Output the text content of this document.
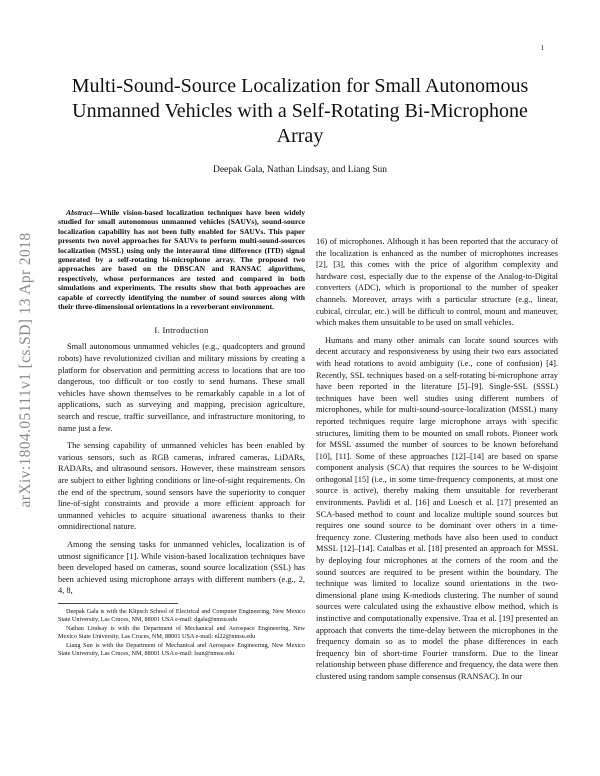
1
arXiv:1804.05111v1 [cs.SD] 13 Apr 2018
Multi-Sound-Source Localization for Small Autonomous Unmanned Vehicles with a Self-Rotating Bi-Microphone Array
Deepak Gala, Nathan Lindsay, and Liang Sun

Abstract—While vision-based localization techniques have been widely studied for small autonomous unmanned vehicles (SAUVs), sound-source localization capability has not been fully enabled for SAUVs. This paper presents two novel approaches for SAUVs to perform multi-sound-sources localization (MSSL) using only the interaural time difference (ITD) signal generated by a self-rotating bi-microphone array. The proposed two approaches are based on the DBSCAN and RANSAC algorithms, respectively, whose performances are tested and compared in both simulations and experiments. The results show that both approaches are capable of correctly identifying the number of sound sources along with their three-dimensional orientations in a reverberant environment.

I. Introduction

Small autonomous unmanned vehicles (e.g., quadcopters and ground robots) have revolutionized civilian and military missions by creating a platform for observation and permitting access to locations that are too dangerous, too difficult or too costly to send humans. These small vehicles have shown themselves to be remarkably capable in a lot of applications, such as surveying and mapping, precision agriculture, search and rescue, traffic surveillance, and infrastructure monitoring, to name just a few.

The sensing capability of unmanned vehicles has been enabled by various sensors, such as RGB cameras, infrared cameras, LiDARs, RADARs, and ultrasound sensors. However, these mainstream sensors are subject to either lighting conditions or line-of-sight requirements. On the end of the spectrum, sound sensors have the superiority to conquer line-of-sight constraints and provide a more efficient approach for unmanned vehicles to acquire situational awareness thanks to their omnidirectional nature.

Among the sensing tasks for unmanned vehicles, localization is of utmost significance [1]. While vision-based localization techniques have been developed based on cameras, sound source localization (SSL) has been achieved using microphone arrays with different numbers (e.g., 2, 4, 8,

Deepak Gala is with the Klipsch School of Electrical and Computer Engineering, New Mexico State University, Las Cruces, NM, 88001 USA e-mail: dgala@nmsu.edu

Nathan Lindsay is with the Department of Mechanical and Aerospace Engineering, New Mexico State University, Las Cruces, NM, 88001 USA e-mail: nl22@nmsu.edu

Liang Sun is with the Department of Mechanical and Aerospace Engineering, New Mexico State University, Las Cruces, NM, 88001 USA e-mail: lsun@nmsu.edu

16) of microphones. Although it has been reported that the accuracy of the localization is enhanced as the number of microphones increases [2], [3], this comes with the price of algorithm complexity and hardware cost, especially due to the expense of the Analog-to-Digital converters (ADC), which is proportional to the number of speaker channels. Moreover, arrays with a particular structure (e.g., linear, cubical, circular, etc.) will be difficult to control, mount and maneuver, which makes them unsuitable to be used on small vehicles.

Humans and many other animals can locate sound sources with decent accuracy and responsiveness by using their two ears associated with head rotations to avoid ambiguity (i.e., cone of confusion) [4]. Recently, SSL techniques based on a self-rotating bi-microphone array have been reported in the literature [5]–[9]. Single-SSL (SSSL) techniques have been well studies using different numbers of microphones, while for multi-sound-source-localization (MSSL) many reported techniques require large microphone arrays with specific structures, limiting them to be mounted on small robots. Pioneer work for MSSL assumed the number of sources to be known beforehand [10], [11]. Some of these approaches [12]–[14] are based on sparse component analysis (SCA) that requires the sources to be W-disjoint orthogonal [15] (i.e., in some time-frequency components, at most one source is active), thereby making them unsuitable for reverberant environments. Pavlidi et al. [16] and Loesch et al. [17] presented an SCA-based method to count and localize multiple sound sources but requires one sound source to be dominant over others in a time-frequency zone. Clustering methods have also been used to conduct MSSL [12]–[14]. Catalbas et al. [18] presented an approach for MSSL by deploying four microphones at the corners of the room and the sound sources are required to be present within the boundary. The technique was limited to localize sound orientations in the two-dimensional plane using K-mediods clustering. The number of sound sources were calculated using the exhaustive elbow method, which is instinctive and computationally expensive. Traa et al. [19] presented an approach that converts the time-delay between the microphones in the frequency domain so as to model the phase differences in each frequency bin of short-time Fourier transform. Due to the linear relationship between phase difference and frequency, the data were then clustered using random sample consensus (RANSAC). In our
